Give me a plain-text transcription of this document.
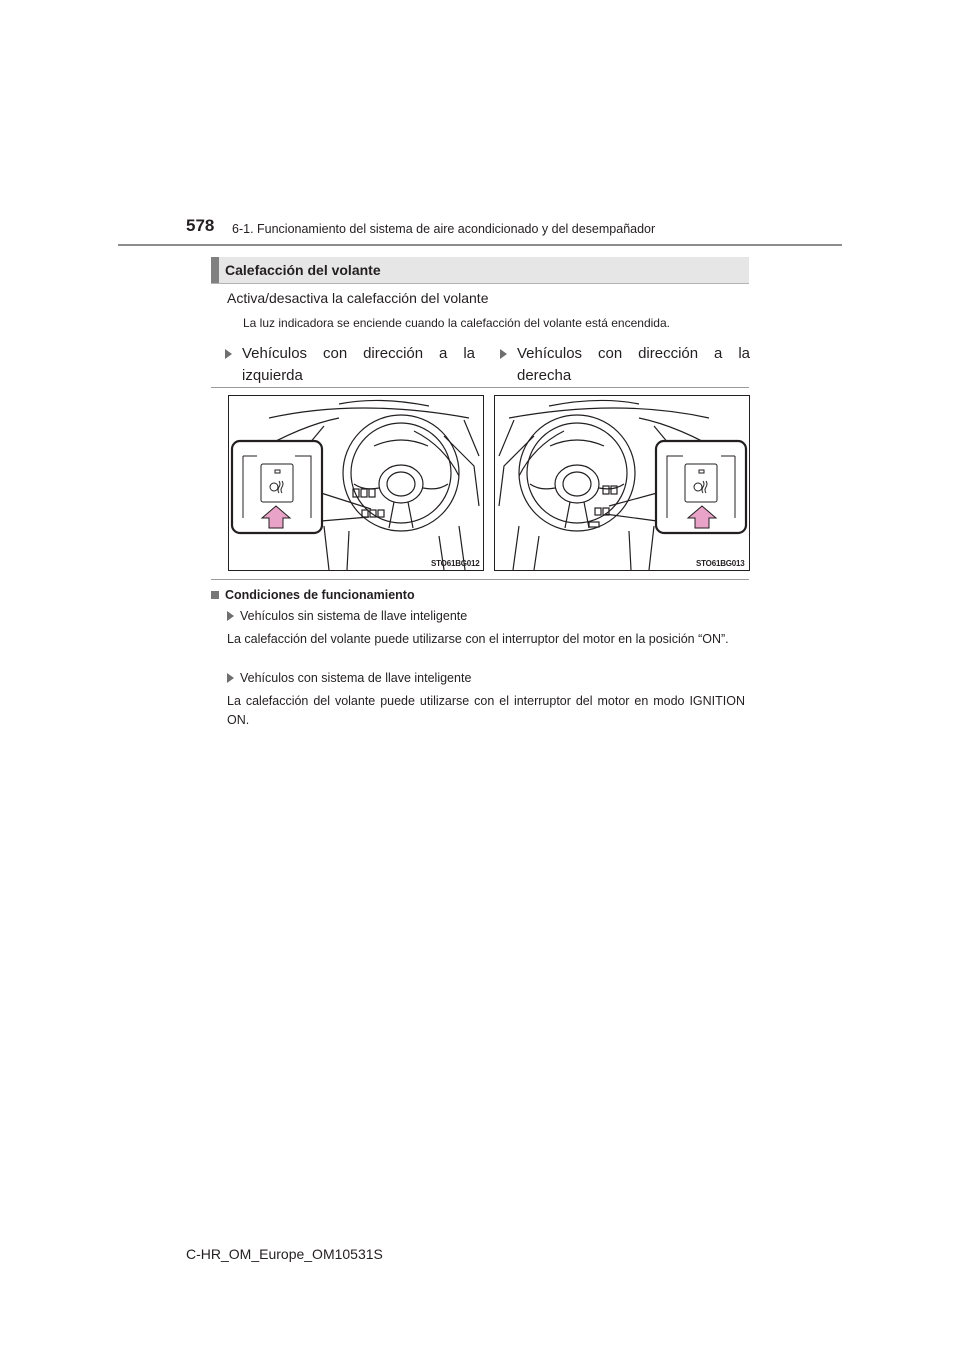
578 6-1. Funcionamiento del sistema de aire acondicionado y del desempañador
Calefacción del volante
Activa/desactiva la calefacción del volante
La luz indicadora se enciende cuando la calefacción del volante está encendida.
Vehículos con dirección a la izquierda
Vehículos con dirección a la derecha
STO61BG012	STO61BG013
Condiciones de funcionamiento
Vehículos sin sistema de llave inteligente
La calefacción del volante puede utilizarse con el interruptor del motor en la posición “ON”.
Vehículos con sistema de llave inteligente
La calefacción del volante puede utilizarse con el interruptor del motor en modo IGNITION ON.
C-HR_OM_Europe_OM10531S
